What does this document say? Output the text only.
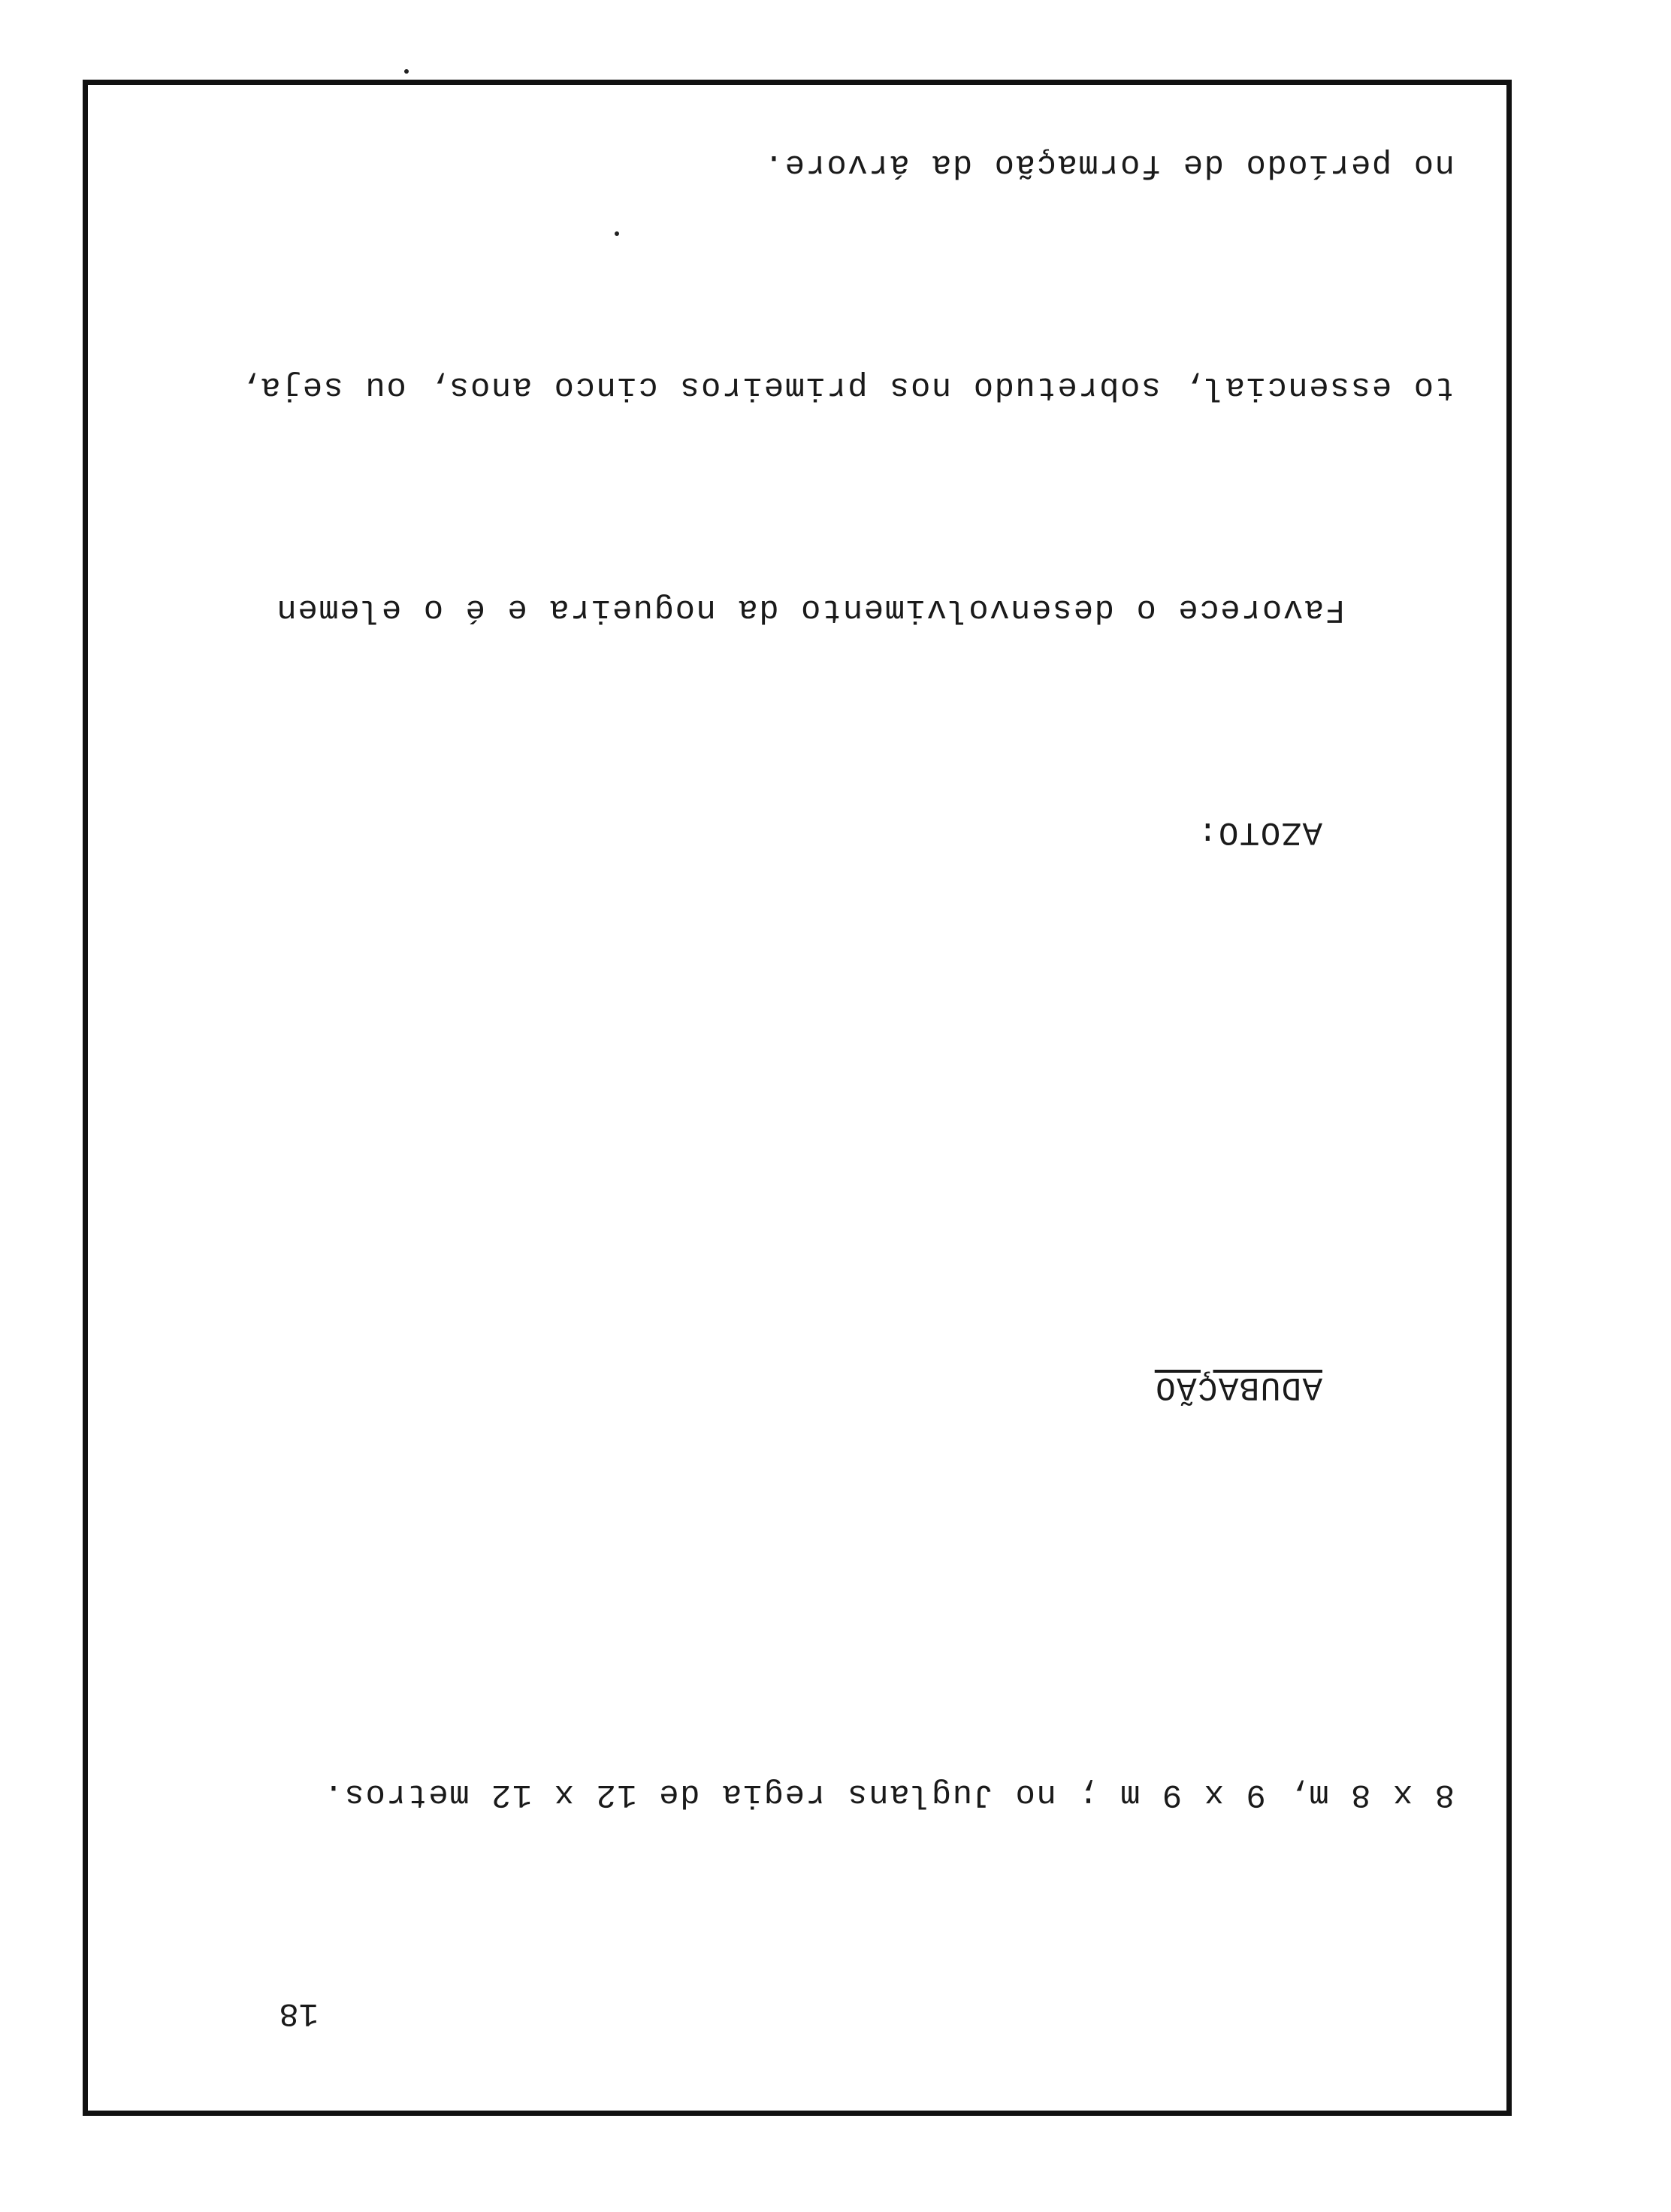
18

8 x 8 m, 9 x 9 m ; no Juglans regia de 12 x 12 metros.

ADUBAÇÃO

AZOTO:

Favorece o desenvolvimento da nogueira e é o elemen

to essencial, sobretudo nos primeiros cinco anos, ou seja,

no período de formação da árvore.
